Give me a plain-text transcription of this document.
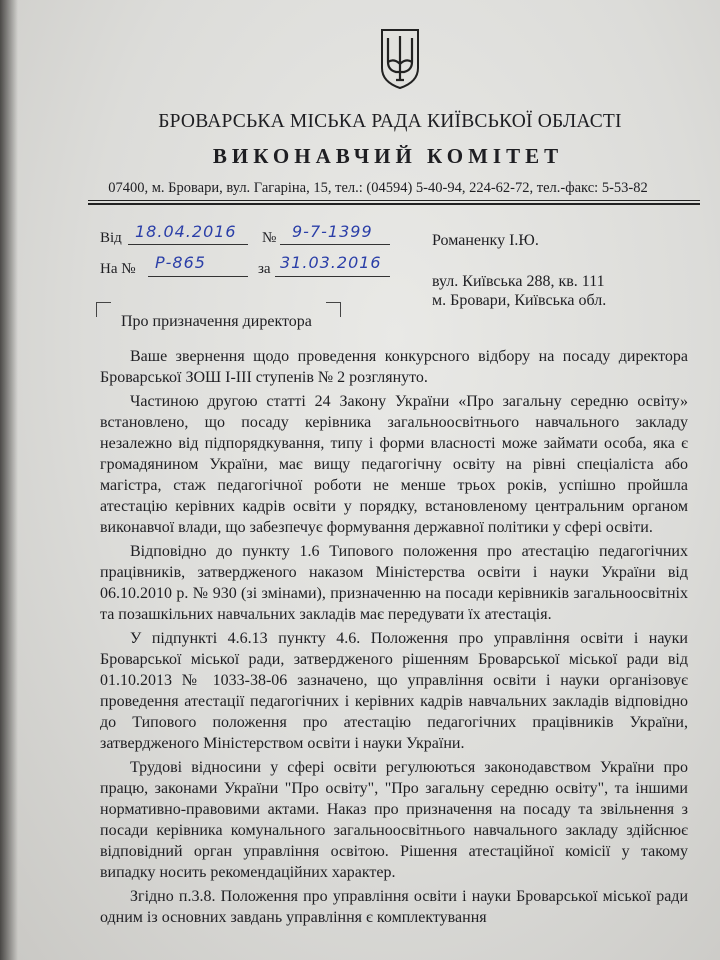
БРОВАРСЬКА МІСЬКА РАДА КИЇВСЬКОЇ ОБЛАСТІ
ВИКОНАВЧИЙ КОМІТЕТ
07400, м. Бровари, вул. Гагаріна, 15, тел.: (04594) 5-40-94, 224-62-72, тел.-факс: 5-53-82
Від 18.04.2016 № 9-7-1399
На № Р-865	за 31.03.2016
Романенку І.Ю.
вул. Київська 288, кв. 111
м. Бровари, Київська обл.
Про призначення директора

Ваше звернення щодо проведення конкурсного відбору на посаду директора Броварської ЗОШ І-ІІІ ступенів № 2 розглянуто.

Частиною другою статті 24 Закону України «Про загальну середню освіту» встановлено, що посаду керівника загальноосвітнього навчального закладу незалежно від підпорядкування, типу і форми власності може займати особа, яка є громадянином України, має вищу педагогічну освіту на рівні спеціаліста або магістра, стаж педагогічної роботи не менше трьох років, успішно пройшла атестацію керівних кадрів освіти у порядку, встановленому центральним органом виконавчої влади, що забезпечує формування державної політики у сфері освіти.

Відповідно до пункту 1.6 Типового положення про атестацію педагогічних працівників, затвердженого наказом Міністерства освіти і науки України від 06.10.2010 р. № 930 (зі змінами), призначенню на посади керівників загальноосвітніх та позашкільних навчальних закладів має передувати їх атестація.

У підпункті 4.6.13 пункту 4.6. Положення про управління освіти і науки Броварської міської ради, затвердженого рішенням Броварської міської ради від 01.10.2013 № 1033-38-06 зазначено, що управління освіти і науки організовує проведення атестації педагогічних і керівних кадрів навчальних закладів відповідно до Типового положення про атестацію педагогічних працівників України, затвердженого Міністерством освіти і науки України.

Трудові відносини у сфері освіти регулюються законодавством України про працю, законами України "Про освіту", "Про загальну середню освіту", та іншими нормативно-правовими актами. Наказ про призначення на посаду та звільнення з посади керівника комунального загальноосвітнього навчального закладу здійснює відповідний орган управління освітою. Рішення атестаційної комісії у такому випадку носить рекомендаційних характер.

Згідно п.3.8. Положення про управління освіти і науки Броварської міської ради одним із основних завдань управління є комплектування
